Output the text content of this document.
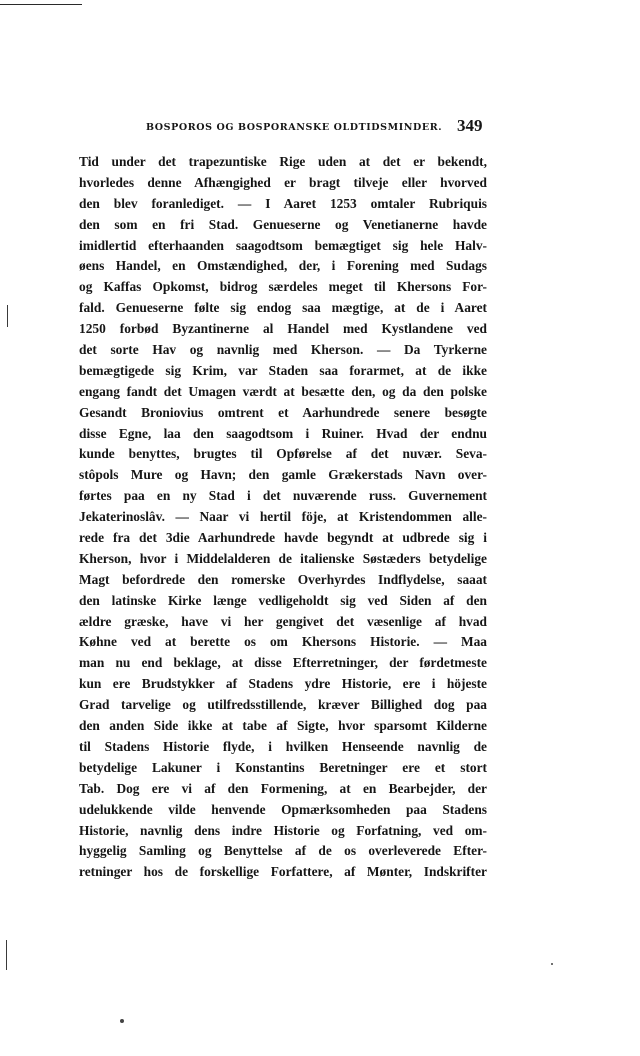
BOSPOROS OG BOSPORANSKE OLDTIDSMINDER. 349
Tid under det trapezuntiske Rige uden at det er bekendt,
hvorledes denne Afhængighed er bragt tilveje eller hvorved
den blev foranlediget. — I Aaret 1253 omtaler Rubriquis
den som en fri Stad. Genueserne og Venetianerne havde
imidlertid efterhaanden saagodtsom bemægtiget sig hele Halv-
øens Handel, en Omstændighed, der, i Forening med Sudags
og Kaffas Opkomst, bidrog særdeles meget til Khersons For-
fald. Genueserne følte sig endog saa mægtige, at de i Aaret
1250 forbød Byzantinerne al Handel med Kystlandene ved
det sorte Hav og navnlig med Kherson. — Da Tyrkerne
bemægtigede sig Krim, var Staden saa forarmet, at de ikke
engang fandt det Umagen værdt at besætte den, og da den polske
Gesandt Broniovius omtrent et Aarhundrede senere besøgte
disse Egne, laa den saagodtsom i Ruiner. Hvad der endnu
kunde benyttes, brugtes til Opførelse af det nuvær. Seva-
stôpols Mure og Havn; den gamle Grækerstads Navn over-
førtes paa en ny Stad i det nuværende russ. Guvernement
Jekaterinoslâv. — Naar vi hertil föje, at Kristendommen alle-
rede fra det 3die Aarhundrede havde begyndt at udbrede sig i
Kherson, hvor i Middelalderen de italienske Søstæders betydelige
Magt befordrede den romerske Overhyrdes Indflydelse, saaat
den latinske Kirke længe vedligeholdt sig ved Siden af den
ældre græske, have vi her gengivet det væsenlige af hvad
Køhne ved at berette os om Khersons Historie. — Maa
man nu end beklage, at disse Efterretninger, der førdetmeste
kun ere Brudstykker af Stadens ydre Historie, ere i höjeste
Grad tarvelige og utilfredsstillende, kræver Billighed dog paa
den anden Side ikke at tabe af Sigte, hvor sparsomt Kilderne
til Stadens Historie flyde, i hvilken Henseende navnlig de
betydelige Lakuner i Konstantins Beretninger ere et stort
Tab. Dog ere vi af den Formening, at en Bearbejder, der
udelukkende vilde henvende Opmærksomheden paa Stadens
Historie, navnlig dens indre Historie og Forfatning, ved om-
hyggelig Samling og Benyttelse af de os overleverede Efter-
retninger hos de forskellige Forfattere, af Mønter, Indskrifter
